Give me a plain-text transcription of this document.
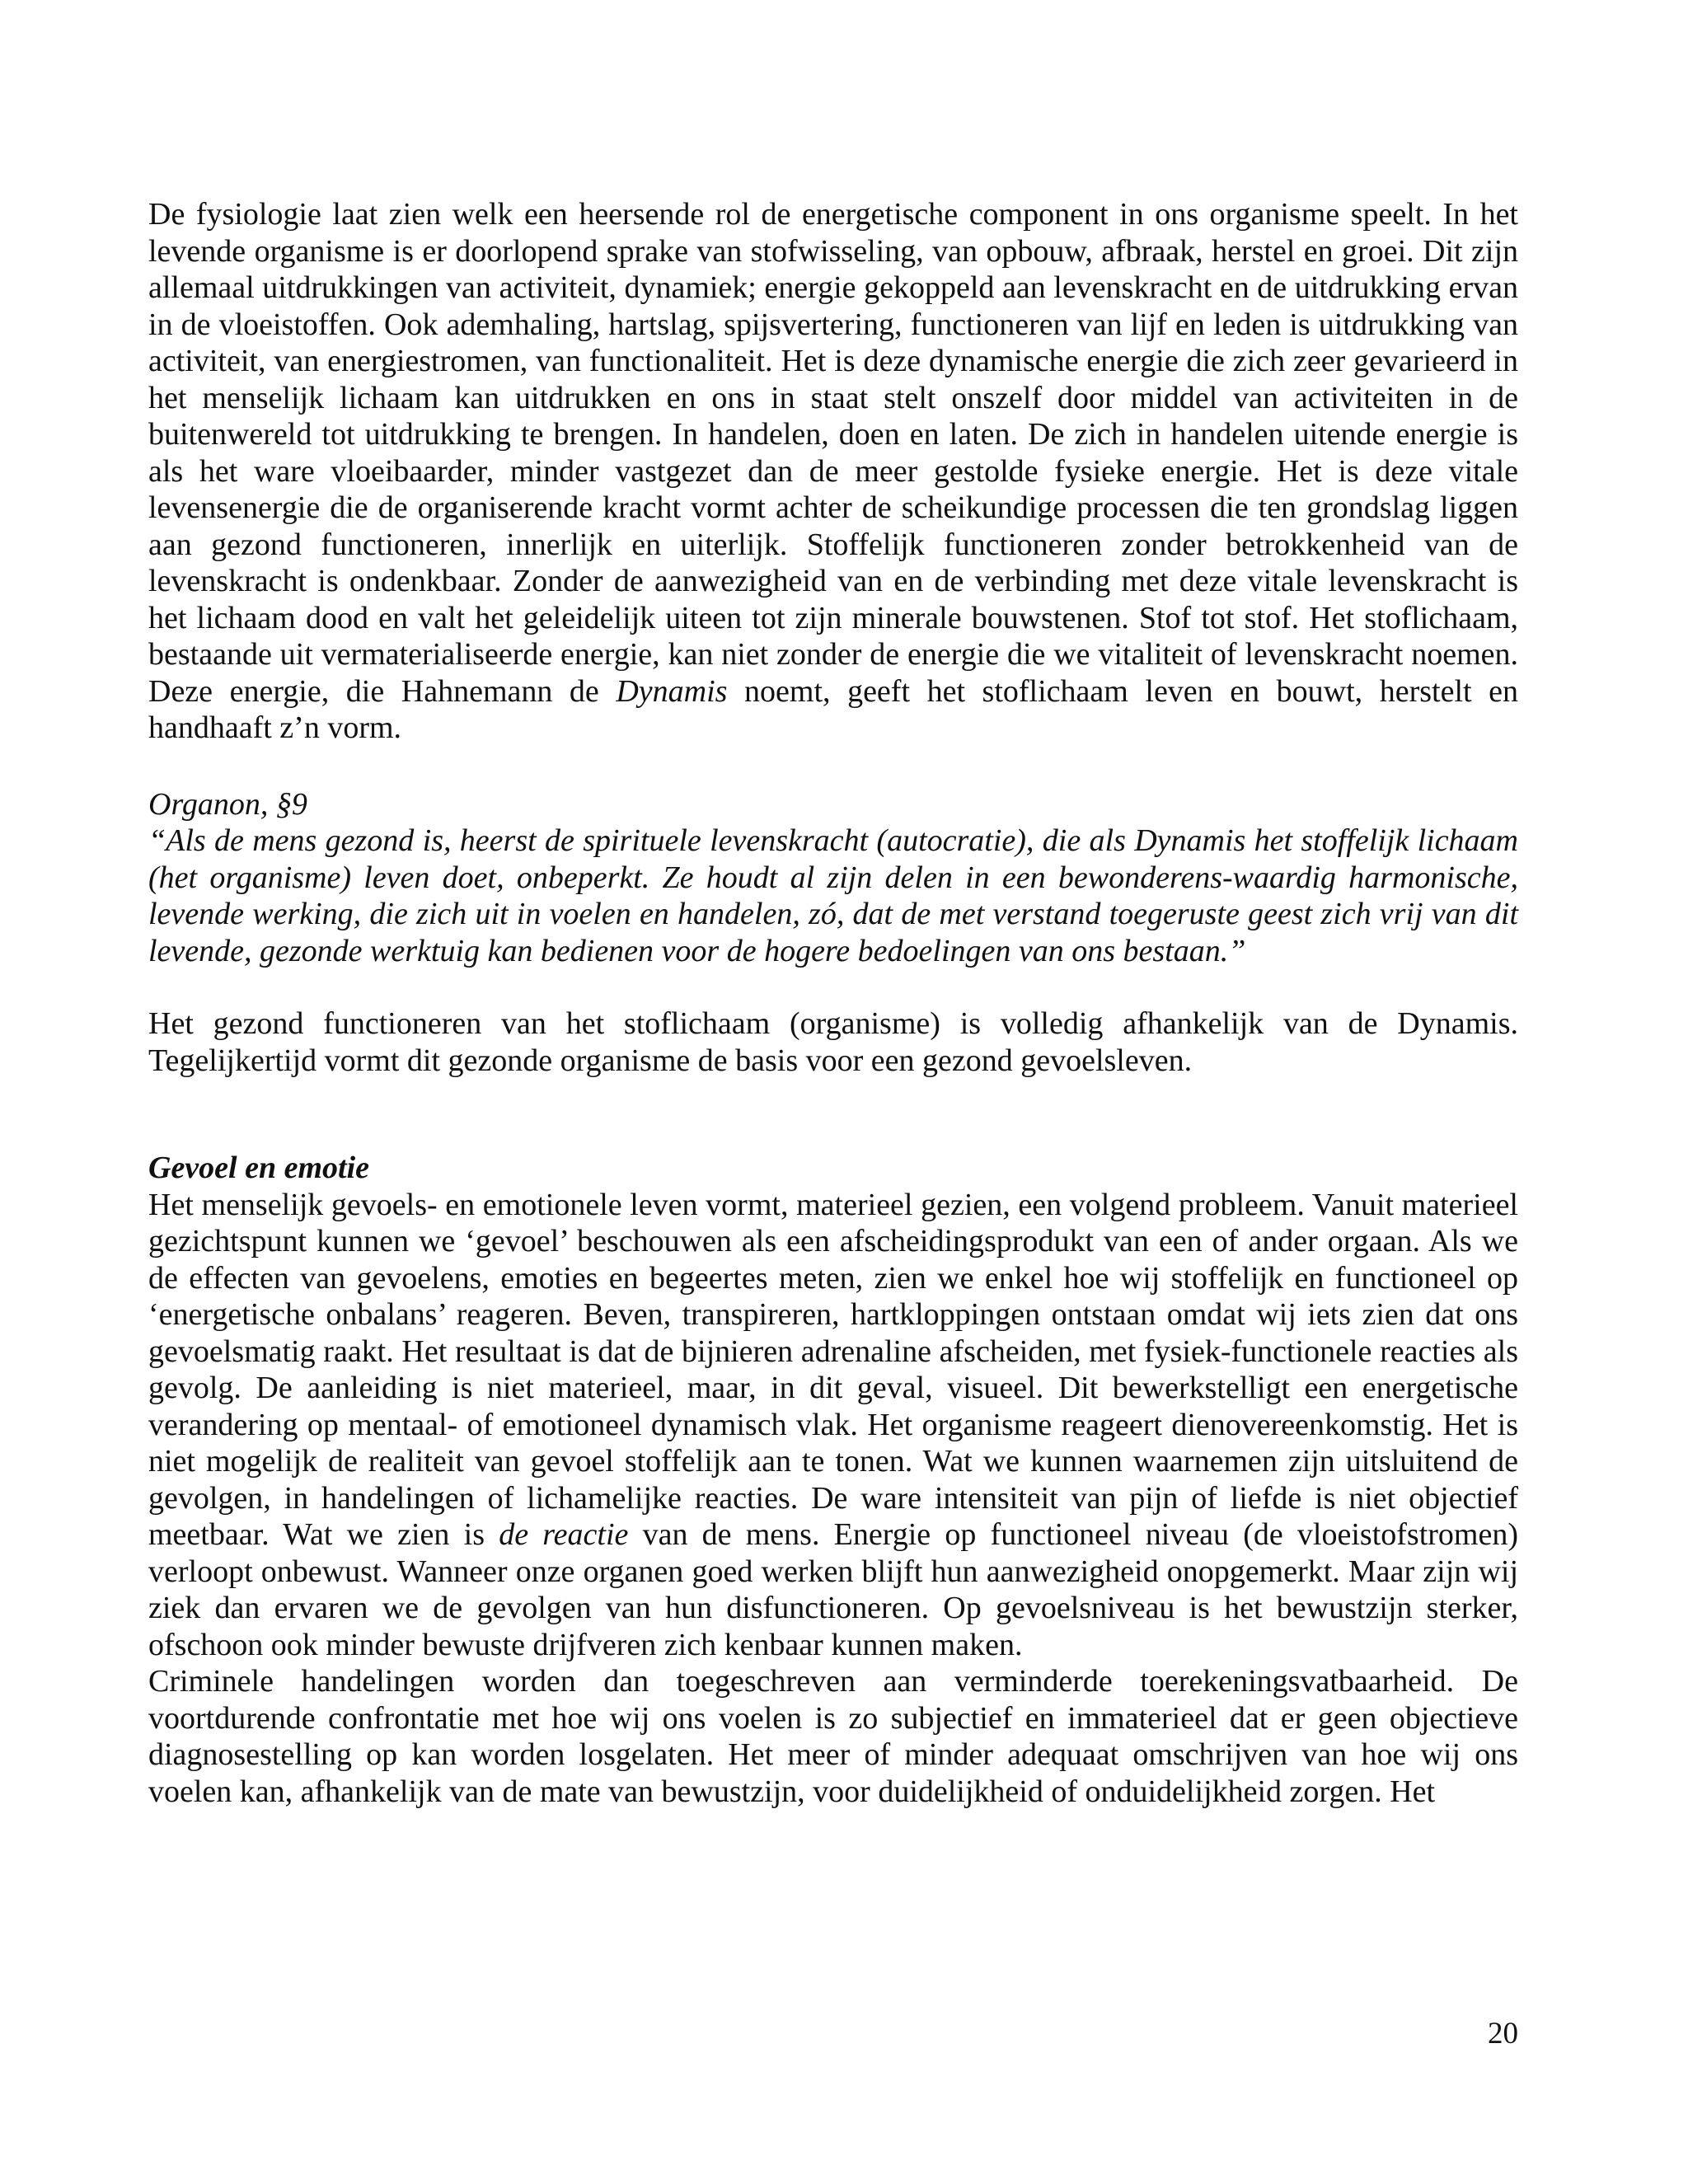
De fysiologie laat zien welk een heersende rol de energetische component in ons organisme speelt. In het levende organisme is er doorlopend sprake van stofwisseling, van opbouw, afbraak, herstel en groei. Dit zijn allemaal uitdrukkingen van activiteit, dynamiek; energie gekoppeld aan levenskracht en de uitdrukking ervan in de vloeistoffen. Ook ademhaling, hartslag, spijsvertering, functioneren van lijf en leden is uitdrukking van activiteit, van energiestromen, van functionaliteit. Het is deze dynamische energie die zich zeer gevarieerd in het menselijk lichaam kan uitdrukken en ons in staat stelt onszelf door middel van activiteiten in de buitenwereld tot uitdrukking te brengen. In handelen, doen en laten. De zich in handelen uitende energie is als het ware vloeibaarder, minder vastgezet dan de meer gestolde fysieke energie. Het is deze vitale levensenergie die de organiserende kracht vormt achter de scheikundige processen die ten grondslag liggen aan gezond functioneren, innerlijk en uiterlijk. Stoffelijk functioneren zonder betrokkenheid van de levenskracht is ondenkbaar. Zonder de aanwezigheid van en de verbinding met deze vitale levenskracht is het lichaam dood en valt het geleidelijk uiteen tot zijn minerale bouwstenen. Stof tot stof. Het stoflichaam, bestaande uit vermaterialiseerde energie, kan niet zonder de energie die we vitaliteit of levenskracht noemen. Deze energie, die Hahnemann de Dynamis noemt, geeft het stoflichaam leven en bouwt, herstelt en handhaaft z’n vorm.

Organon, §9

“Als de mens gezond is, heerst de spirituele levenskracht (autocratie), die als Dynamis het stoffelijk lichaam (het organisme) leven doet, onbeperkt. Ze houdt al zijn delen in een bewonderens-waardig harmonische, levende werking, die zich uit in voelen en handelen, zó, dat de met verstand toegeruste geest zich vrij van dit levende, gezonde werktuig kan bedienen voor de hogere bedoelingen van ons bestaan.”

Het gezond functioneren van het stoflichaam (organisme) is volledig afhankelijk van de Dynamis. Tegelijkertijd vormt dit gezonde organisme de basis voor een gezond gevoelsleven.

Gevoel en emotie

Het menselijk gevoels- en emotionele leven vormt, materieel gezien, een volgend probleem. Vanuit materieel gezichtspunt kunnen we ‘gevoel’ beschouwen als een afscheidingsprodukt van een of ander orgaan. Als we de effecten van gevoelens, emoties en begeertes meten, zien we enkel hoe wij stoffelijk en functioneel op ‘energetische onbalans’ reageren. Beven, transpireren, hartkloppingen ontstaan omdat wij iets zien dat ons gevoelsmatig raakt. Het resultaat is dat de bijnieren adrenaline afscheiden, met fysiek-functionele reacties als gevolg. De aanleiding is niet materieel, maar, in dit geval, visueel. Dit bewerkstelligt een energetische verandering op mentaal- of emotioneel dynamisch vlak. Het organisme reageert dienovereenkomstig. Het is niet mogelijk de realiteit van gevoel stoffelijk aan te tonen. Wat we kunnen waarnemen zijn uitsluitend de gevolgen, in handelingen of lichamelijke reacties. De ware intensiteit van pijn of liefde is niet objectief meetbaar. Wat we zien is de reactie van de mens. Energie op functioneel niveau (de vloeistofstromen) verloopt onbewust. Wanneer onze organen goed werken blijft hun aanwezigheid onopgemerkt. Maar zijn wij ziek dan ervaren we de gevolgen van hun disfunctioneren. Op gevoelsniveau is het bewustzijn sterker, ofschoon ook minder bewuste drijfveren zich kenbaar kunnen maken.

Criminele handelingen worden dan toegeschreven aan verminderde toerekeningsvatbaarheid. De voortdurende confrontatie met hoe wij ons voelen is zo subjectief en immaterieel dat er geen objectieve diagnosestelling op kan worden losgelaten. Het meer of minder adequaat omschrijven van hoe wij ons voelen kan, afhankelijk van de mate van bewustzijn, voor duidelijkheid of onduidelijkheid zorgen. Het

20
